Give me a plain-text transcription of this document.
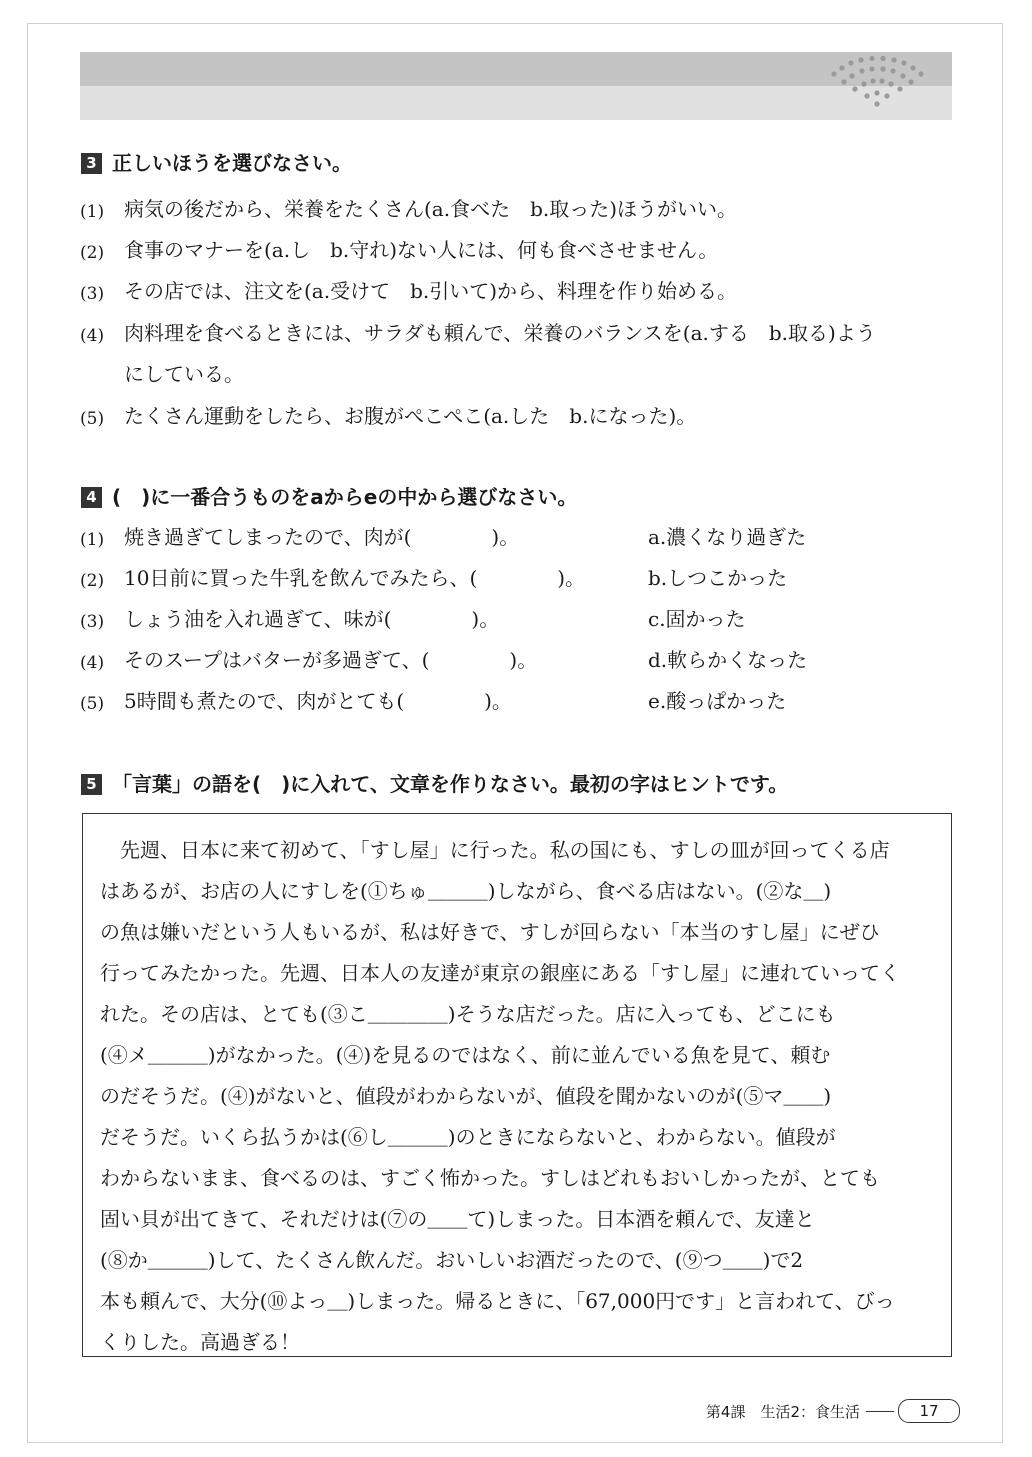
3 正しいほうを選びなさい。
(1) 病気の後だから、栄養をたくさん(a.食べた　b.取った)ほうがいい。
(2) 食事のマナーを(a.し　b.守れ)ない人には、何も食べさせません。
(3) その店では、注文を(a.受けて　b.引いて)から、料理を作り始める。
(4) 肉料理を食べるときには、サラダも頼んで、栄養のバランスを(a.する　b.取る)よう
にしている。
(5) たくさん運動をしたら、お腹がぺこぺこ(a.した　b.になった)。
4 (　)に一番合うものをaからeの中から選びなさい。
(1) 焼き過ぎてしまったので、肉が(　　　　)。	a.濃くなり過ぎた
(2) 10日前に買った牛乳を飲んでみたら、(　　　　)。	b.しつこかった
(3) しょう油を入れ過ぎて、味が(　　　　)。	c.固かった
(4) そのスープはバターが多過ぎて、(　　　　)。	d.軟らかくなった
(5) 5時間も煮たので、肉がとても(　　　　)。	e.酸っぱかった
5 「言葉」の語を(　)に入れて、文章を作りなさい。最初の字はヒントです。
　先週、日本に来て初めて、「すし屋」に行った。私の国にも、すしの皿が回ってくる店
はあるが、お店の人にすしを(①ちゅ＿＿＿)しながら、食べる店はない。(②な＿)
の魚は嫌いだという人もいるが、私は好きで、すしが回らない「本当のすし屋」にぜひ
行ってみたかった。先週、日本人の友達が東京の銀座にある「すし屋」に連れていってく
れた。その店は、とても(③こ＿＿＿＿)そうな店だった。店に入っても、どこにも
(④メ＿＿＿)がなかった。(④)を見るのではなく、前に並んでいる魚を見て、頼む
のだそうだ。(④)がないと、値段がわからないが、値段を聞かないのが(⑤マ＿＿)
だそうだ。いくら払うかは(⑥し＿＿＿)のときにならないと、わからない。値段が
わからないまま、食べるのは、すごく怖かった。すしはどれもおいしかったが、とても
固い貝が出てきて、それだけは(⑦の＿＿て)しまった。日本酒を頼んで、友達と
(⑧か＿＿＿)して、たくさん飲んだ。おいしいお酒だったので、(⑨つ＿＿)で2
本も頼んで、大分(⑩よっ＿)しまった。帰るときに、「67,000円です」と言われて、びっ
くりした。高過ぎる！
第4課　生活2：食生活	17
